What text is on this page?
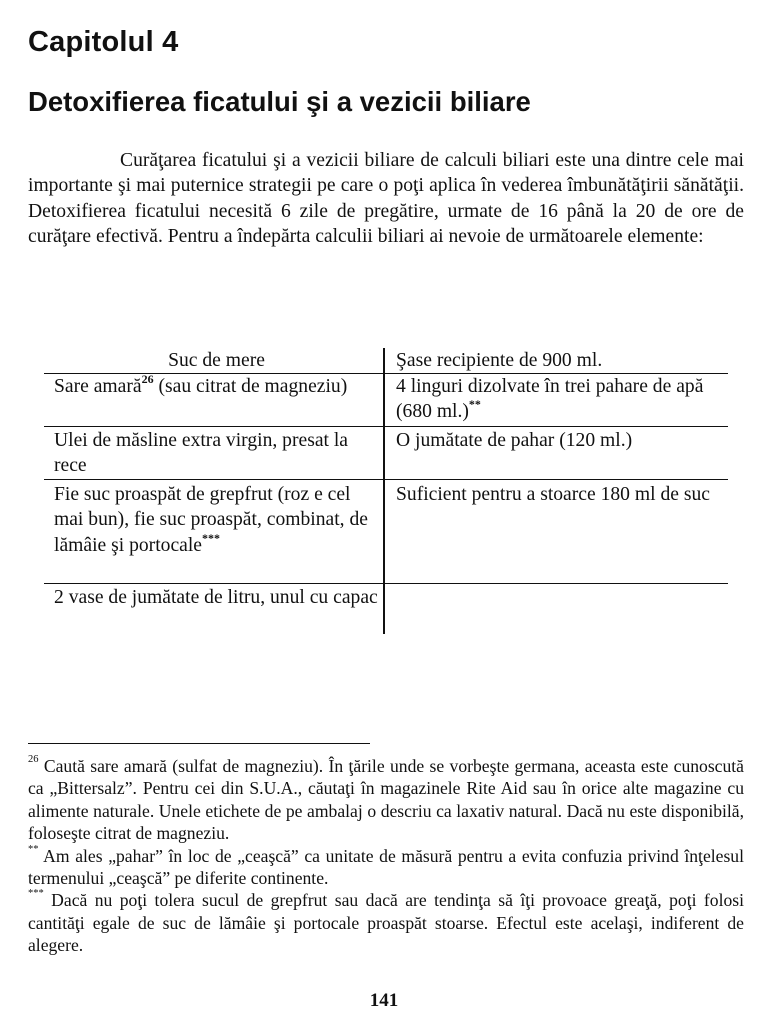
Capitolul 4
Detoxifierea ficatului şi a vezicii biliare

Curăţarea ficatului şi a vezicii biliare de calculi biliari este una dintre cele mai importante şi mai puternice strategii pe care o poţi aplica în vederea îmbunătăţirii sănătăţii. Detoxifierea ficatului necesită 6 zile de pregătire, urmate de 16 până la 20 de ore de curăţare efectivă. Pentru a îndepărta calculii biliari ai nevoie de următoarele elemente:

Suc de mere	Şase recipiente de 900 ml.

Sare amară$^{26}$ (sau citrat de magneziu)	4 linguri dizolvate în trei pahare de apă (680 ml.)**

Ulei de măsline extra virgin, presat la rece

O jumătate de pahar (120 ml.)

Fie suc proaspăt de grepfrut (roz e cel mai bun), fie suc proaspăt, combinat, de lămâie şi portocale***

Suficient pentru a stoarce 180 ml de suc

2 vase de jumătate de litru, unul cu capac

$^{26}$ Caută sare amară (sulfat de magneziu). În ţările unde se vorbeşte germana, aceasta este cunoscută ca „Bittersalz”. Pentru cei din S.U.A., căutaţi în magazinele Rite Aid sau în orice alte magazine cu alimente naturale. Unele etichete de pe ambalaj o descriu ca laxativ natural. Dacă nu este disponibilă, foloseşte citrat de magneziu.

** Am ales „pahar” în loc de „ceaşcă” ca unitate de măsură pentru a evita confuzia privind înţelesul termenului „ceaşcă” pe diferite continente.

*** Dacă nu poţi tolera sucul de grepfrut sau dacă are tendinţa să îţi provoace greaţă, poţi folosi cantităţi egale de suc de lămâie şi portocale proaspăt stoarse. Efectul este acelaşi, indiferent de alegere.

141
